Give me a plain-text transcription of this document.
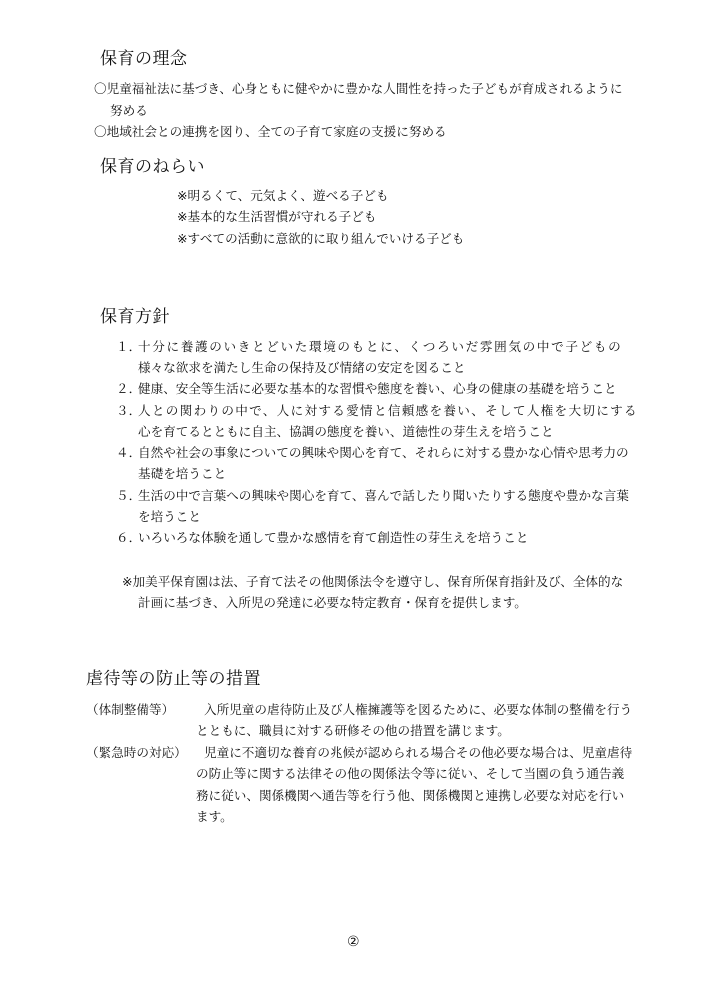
保育の理念
〇児童福祉法に基づき、心身ともに健やかに豊かな人間性を持った子どもが育成されるように
努める
〇地域社会との連携を図り、全ての子育て家庭の支援に努める
保育のねらい
※明るくて、元気よく、遊べる子ども
※基本的な生活習慣が守れる子ども
※すべての活動に意欲的に取り組んでいける子ども
保育方針
１．
十分に養護のいきとどいた環境のもとに、くつろいだ雰囲気の中で子どもの
様々な欲求を満たし生命の保持及び情緒の安定を図ること
２．
健康、安全等生活に必要な基本的な習慣や態度を養い、心身の健康の基礎を培うこと
３．
人との関わりの中で、人に対する愛情と信頼感を養い、そして人権を大切にする
心を育てるとともに自主、協調の態度を養い、道徳性の芽生えを培うこと
４．
自然や社会の事象についての興味や関心を育て、それらに対する豊かな心情や思考力の
基礎を培うこと
５．
生活の中で言葉への興味や関心を育て、喜んで話したり聞いたりする態度や豊かな言葉
を培うこと
６．
いろいろな体験を通して豊かな感情を育て創造性の芽生えを培うこと
※加美平保育園は法、子育て法その他関係法令を遵守し、保育所保育指針及び、全体的な
計画に基づき、入所児の発達に必要な特定教育・保育を提供します。
虐待等の防止等の措置
（体制整備等） 入所児童の虐待防止及び人権擁護等を図るために、必要な体制の整備を行う
とともに、職員に対する研修その他の措置を講じます。
（緊急時の対応） 児童に不適切な養育の兆候が認められる場合その他必要な場合は、児童虐待
の防止等に関する法律その他の関係法令等に従い、そして当園の負う通告義
務に従い、関係機関へ通告等を行う他、関係機関と連携し必要な対応を行い
ます。
②
